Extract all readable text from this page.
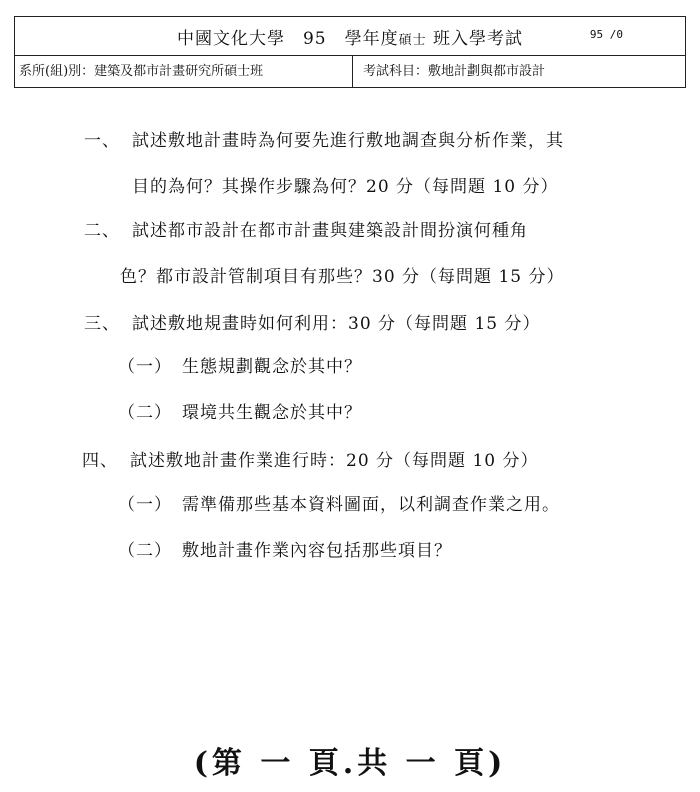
中國文化大學 95 學年度碩士 班入學考試	95 /0
系所(組)別：建築及都市計畫研究所碩士班	考試科目：敷地計劃與都市設計
一、 試述敷地計畫時為何要先進行敷地調查與分析作業，其
目的為何？其操作步驟為何？20 分（每問題 10 分）
二、 試述都市設計在都市計畫與建築設計間扮演何種角
色？都市設計管制項目有那些？30 分（每問題 15 分）
三、 試述敷地規畫時如何利用：30 分（每問題 15 分）
（一） 生態規劃觀念於其中？
（二） 環境共生觀念於其中？
四、 試述敷地計畫作業進行時：20 分（每問題 10 分）
（一） 需準備那些基本資料圖面，以利調查作業之用。
（二） 敷地計畫作業內容包括那些項目？
(第 一 頁.共 一 頁)
